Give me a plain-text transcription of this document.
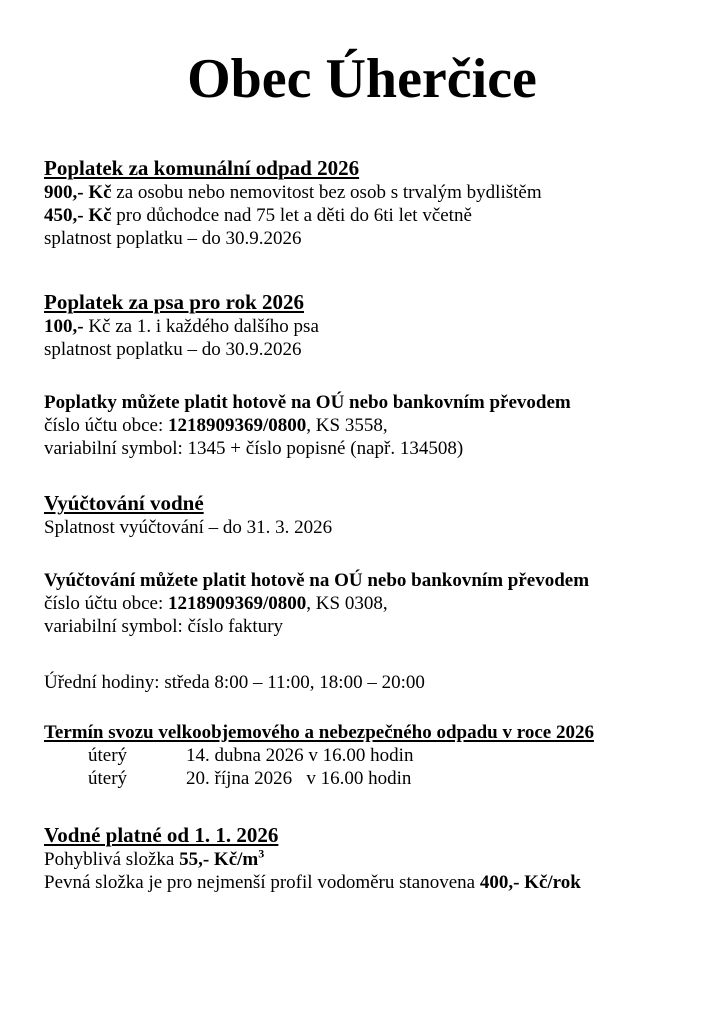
Obec Úherčice
Poplatek za komunální odpad 2026
900,- Kč za osobu nebo nemovitost bez osob s trvalým bydlištěm
450,- Kč pro důchodce nad 75 let a děti do 6ti let včetně
splatnost poplatku – do 30.9.2026
Poplatek za psa pro rok 2026
100,- Kč za 1. i každého dalšího psa
splatnost poplatku – do 30.9.2026
Poplatky můžete platit hotově na OÚ nebo bankovním převodem
číslo účtu obce: 1218909369/0800, KS 3558,
variabilní symbol: 1345 + číslo popisné (např. 134508)
Vyúčtování vodné
Splatnost vyúčtování – do 31. 3. 2026
Vyúčtování můžete platit hotově na OÚ nebo bankovním převodem
číslo účtu obce: 1218909369/0800, KS 0308,
variabilní symbol: číslo faktury
Úřední hodiny: středa 8:00 – 11:00, 18:00 – 20:00
Termín svozu velkoobjemového a nebezpečného odpadu v roce 2026
úterý	14. dubna 2026 v 16.00 hodin
úterý	20. října 2026   v 16.00 hodin
Vodné platné od 1. 1. 2026
Pohyblivá složka 55,- $Kč/m^3$
Pevná složka je pro nejmenší profil vodoměru stanovena 400,- Kč/rok
